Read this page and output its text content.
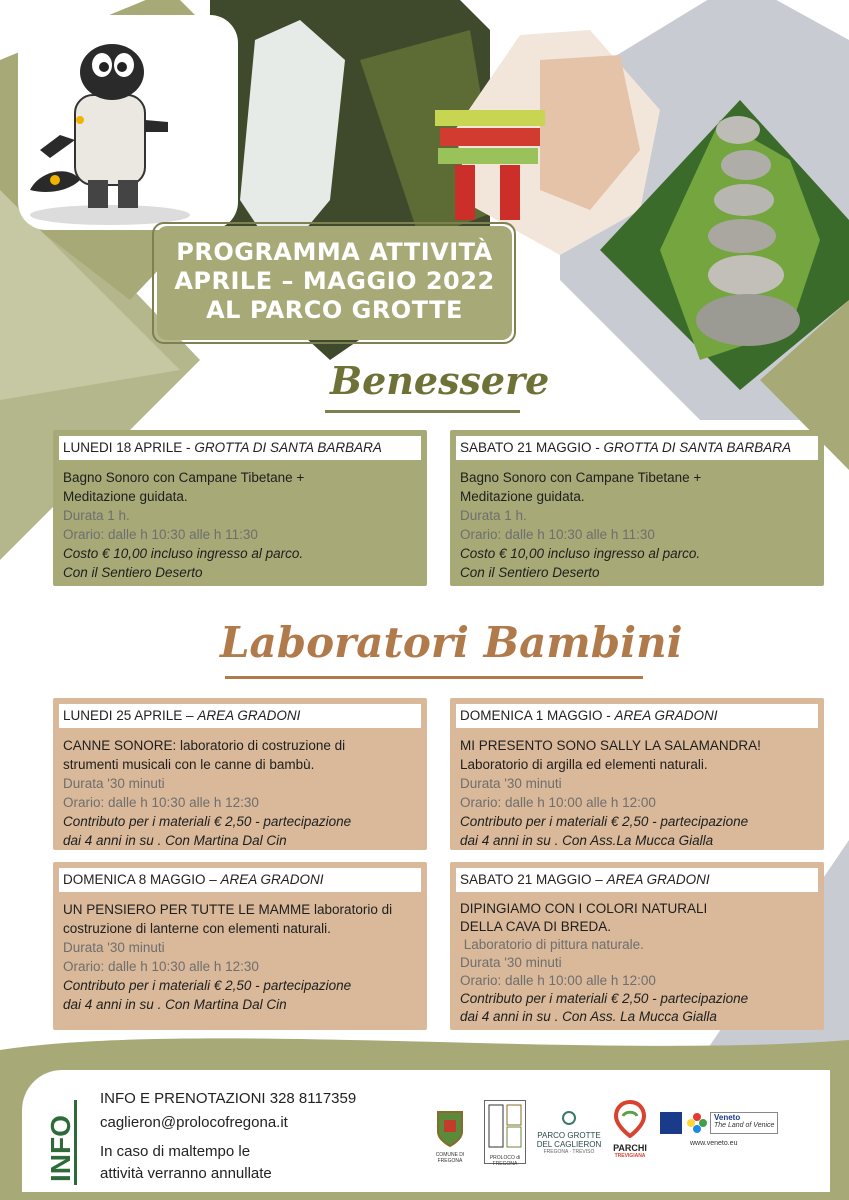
PROGRAMMA ATTIVITÀ
APRILE – MAGGIO 2022
AL PARCO GROTTE
Benessere
LUNEDI 18 APRILE - GROTTA DI SANTA BARBARA
Bagno Sonoro con Campane Tibetane +
Meditazione guidata.
Durata 1 h.
Orario: dalle h 10:30 alle h 11:30
Costo € 10,00 incluso ingresso al parco.
Con il Sentiero Deserto
SABATO 21 MAGGIO - GROTTA DI SANTA BARBARA
Bagno Sonoro con Campane Tibetane +
Meditazione guidata.
Durata 1 h.
Orario: dalle h 10:30 alle h 11:30
Costo € 10,00 incluso ingresso al parco.
Con il Sentiero Deserto
Laboratori Bambini
LUNEDI 25 APRILE – AREA GRADONI
CANNE SONORE: laboratorio di costruzione di
strumenti musicali con le canne di bambù.
Durata '30 minuti
Orario: dalle h 10:30 alle h 12:30
Contributo per i materiali € 2,50 - partecipazione
dai 4 anni in su . Con Martina Dal Cin
DOMENICA 1 MAGGIO - AREA GRADONI
MI PRESENTO SONO SALLY LA SALAMANDRA!
Laboratorio di argilla ed elementi naturali.
Durata '30 minuti
Orario: dalle h 10:00 alle h 12:00
Contributo per i materiali € 2,50 - partecipazione
dai 4 anni in su . Con Ass.La Mucca Gialla
DOMENICA 8 MAGGIO – AREA GRADONI
UN PENSIERO PER TUTTE LE MAMME laboratorio di
costruzione di lanterne con elementi naturali.
Durata '30 minuti
Orario: dalle h 10:30 alle h 12:30
Contributo per i materiali € 2,50 - partecipazione
dai 4 anni in su . Con Martina Dal Cin
SABATO 21 MAGGIO – AREA GRADONI
DIPINGIAMO CON I COLORI NATURALI
DELLA CAVA DI BREDA.
Laboratorio di pittura naturale.
Durata '30 minuti
Orario: dalle h 10:00 alle h 12:00
Contributo per i materiali € 2,50 - partecipazione
dai 4 anni in su . Con Ass. La Mucca Gialla
INFO
INFO E PRENOTAZIONI 328 8117359
caglieron@prolocofregona.it
In caso di maltempo le
attività verranno annullate
COMUNE DI FREGONA	PROLOCO di FREGONA
PARCO GROTTE
DEL CAGLIERON
FREGONA · TREVISO	PARCHI
TREVIGIANA
Veneto
The Land of Venice
www.veneto.eu
